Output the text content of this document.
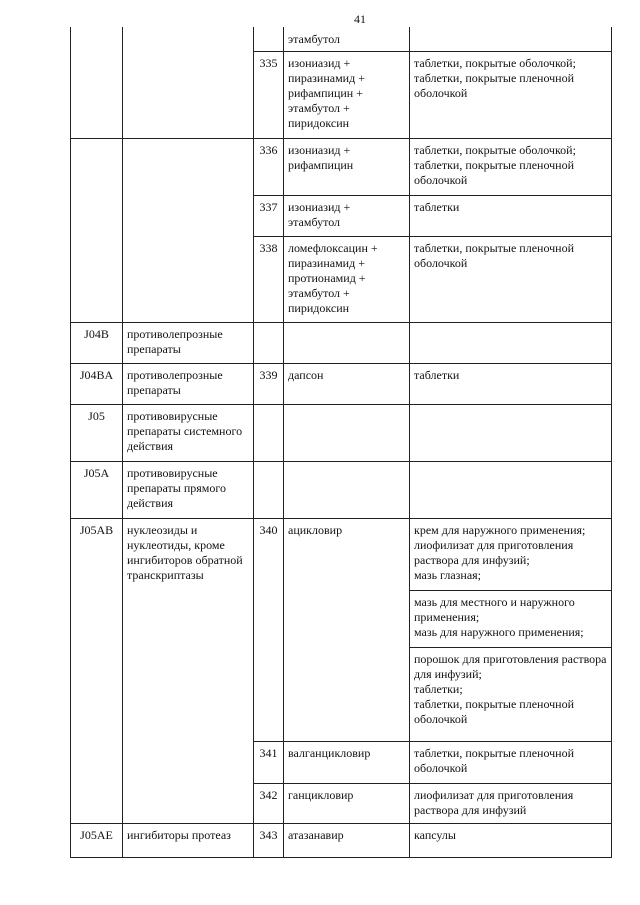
41

			этамбутол	

		335	изониазид +
пиразинамид +
рифампицин +
этамбутол +
пиридоксин	таблетки, покрытые оболочкой;
таблетки, покрытые пленочной оболочкой

		336	изониазид +
рифампицин	таблетки, покрытые оболочкой;
таблетки, покрытые пленочной оболочкой

		337	изониазид +
этамбутол	таблетки

		338	ломефлоксацин +
пиразинамид +
протионамид +
этамбутол +
пиридоксин	таблетки, покрытые пленочной оболочкой

J04B	противолепрозные препараты			
J04BA	противолепрозные препараты	339	дапсон	таблетки

J05	противовирусные препараты системного действия			
J05A	противовирусные препараты прямого действия			
J05AB	нуклеозиды и нуклеотиды, кроме ингибиторов обратной транскриптазы	340	ацикловир	крем для наружного применения;
лиофилизат для приготовления раствора для инфузий;
мазь глазная;

				мазь для местного и наружного применения;
мазь для наружного применения;

				порошок для приготовления раствора для инфузий;
таблетки;
таблетки, покрытые пленочной оболочкой

		341	валганцикловир	таблетки, покрытые пленочной оболочкой

		342	ганцикловир	лиофилизат для приготовления раствора для инфузий

J05AE	ингибиторы протеаз	343	атазанавир	капсулы
